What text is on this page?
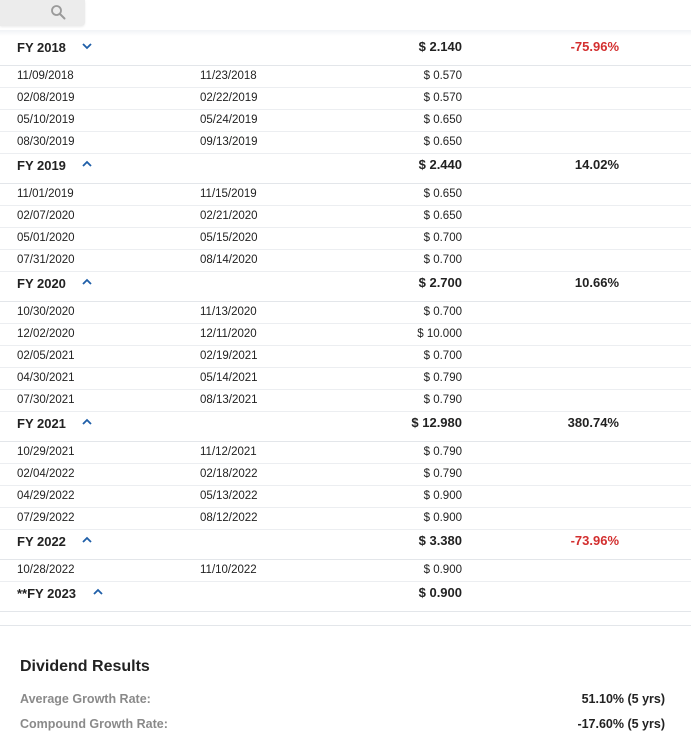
FY 2018	$ 2.140	-75.96%
11/09/2018	11/23/2018	$ 0.570
02/08/2019	02/22/2019	$ 0.570
05/10/2019	05/24/2019	$ 0.650
08/30/2019	09/13/2019	$ 0.650
FY 2019	$ 2.440	14.02%
11/01/2019	11/15/2019	$ 0.650
02/07/2020	02/21/2020	$ 0.650
05/01/2020	05/15/2020	$ 0.700
07/31/2020	08/14/2020	$ 0.700
FY 2020	$ 2.700	10.66%
10/30/2020	11/13/2020	$ 0.700
12/02/2020	12/11/2020	$ 10.000
02/05/2021	02/19/2021	$ 0.700
04/30/2021	05/14/2021	$ 0.790
07/30/2021	08/13/2021	$ 0.790
FY 2021	$ 12.980	380.74%
10/29/2021	11/12/2021	$ 0.790
02/04/2022	02/18/2022	$ 0.790
04/29/2022	05/13/2022	$ 0.900
07/29/2022	08/12/2022	$ 0.900
FY 2022	$ 3.380	-73.96%
10/28/2022	11/10/2022	$ 0.900
**FY 2023	$ 0.900
Dividend Results
Average Growth Rate:	51.10% (5 yrs)
Compound Growth Rate:	-17.60% (5 yrs)
